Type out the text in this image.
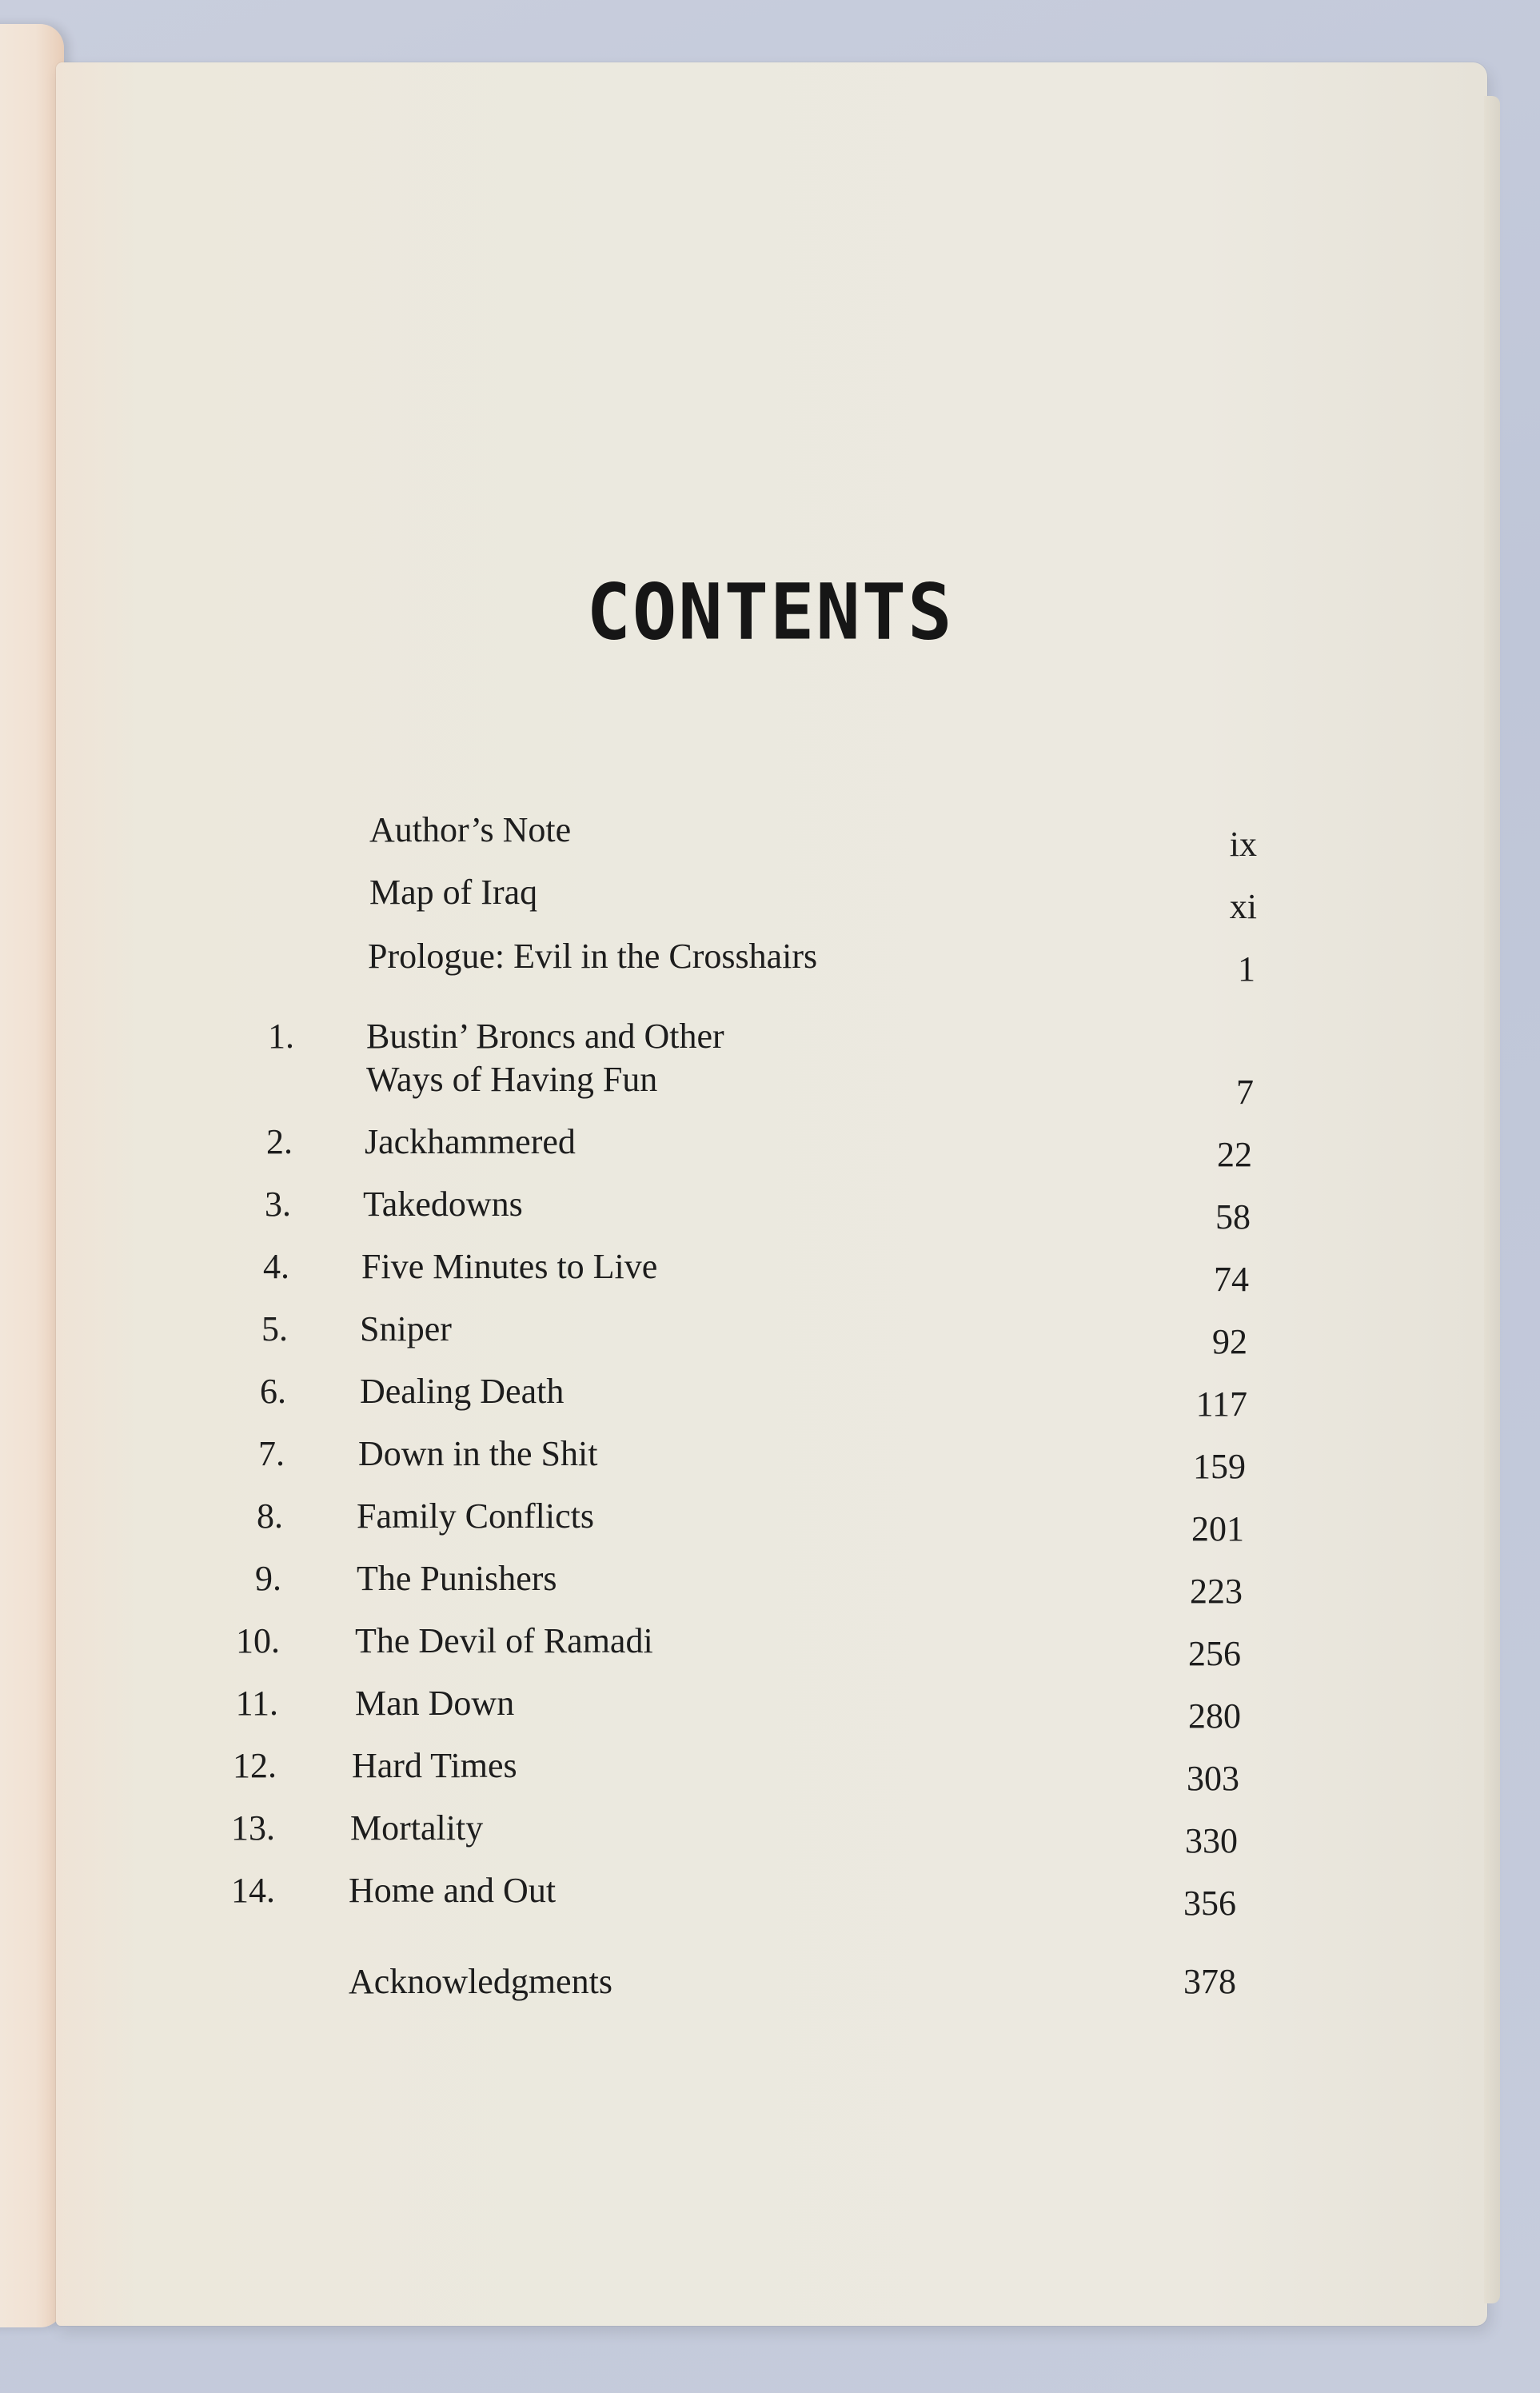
CONTENTS
Author’s Note	ix
Map of Iraq	xi
Prologue: Evil in the Crosshairs	1
1. Bustin’ Broncs and Other
Ways of Having Fun	7
2. Jackhammered	22
3. Takedowns	58
4. Five Minutes to Live	74
5. Sniper	92
6. Dealing Death	117
7. Down in the Shit	159
8. Family Conflicts	201
9. The Punishers	223
10. The Devil of Ramadi	256
11. Man Down	280
12. Hard Times	303
13. Mortality	330
14. Home and Out	356
Acknowledgments	378
